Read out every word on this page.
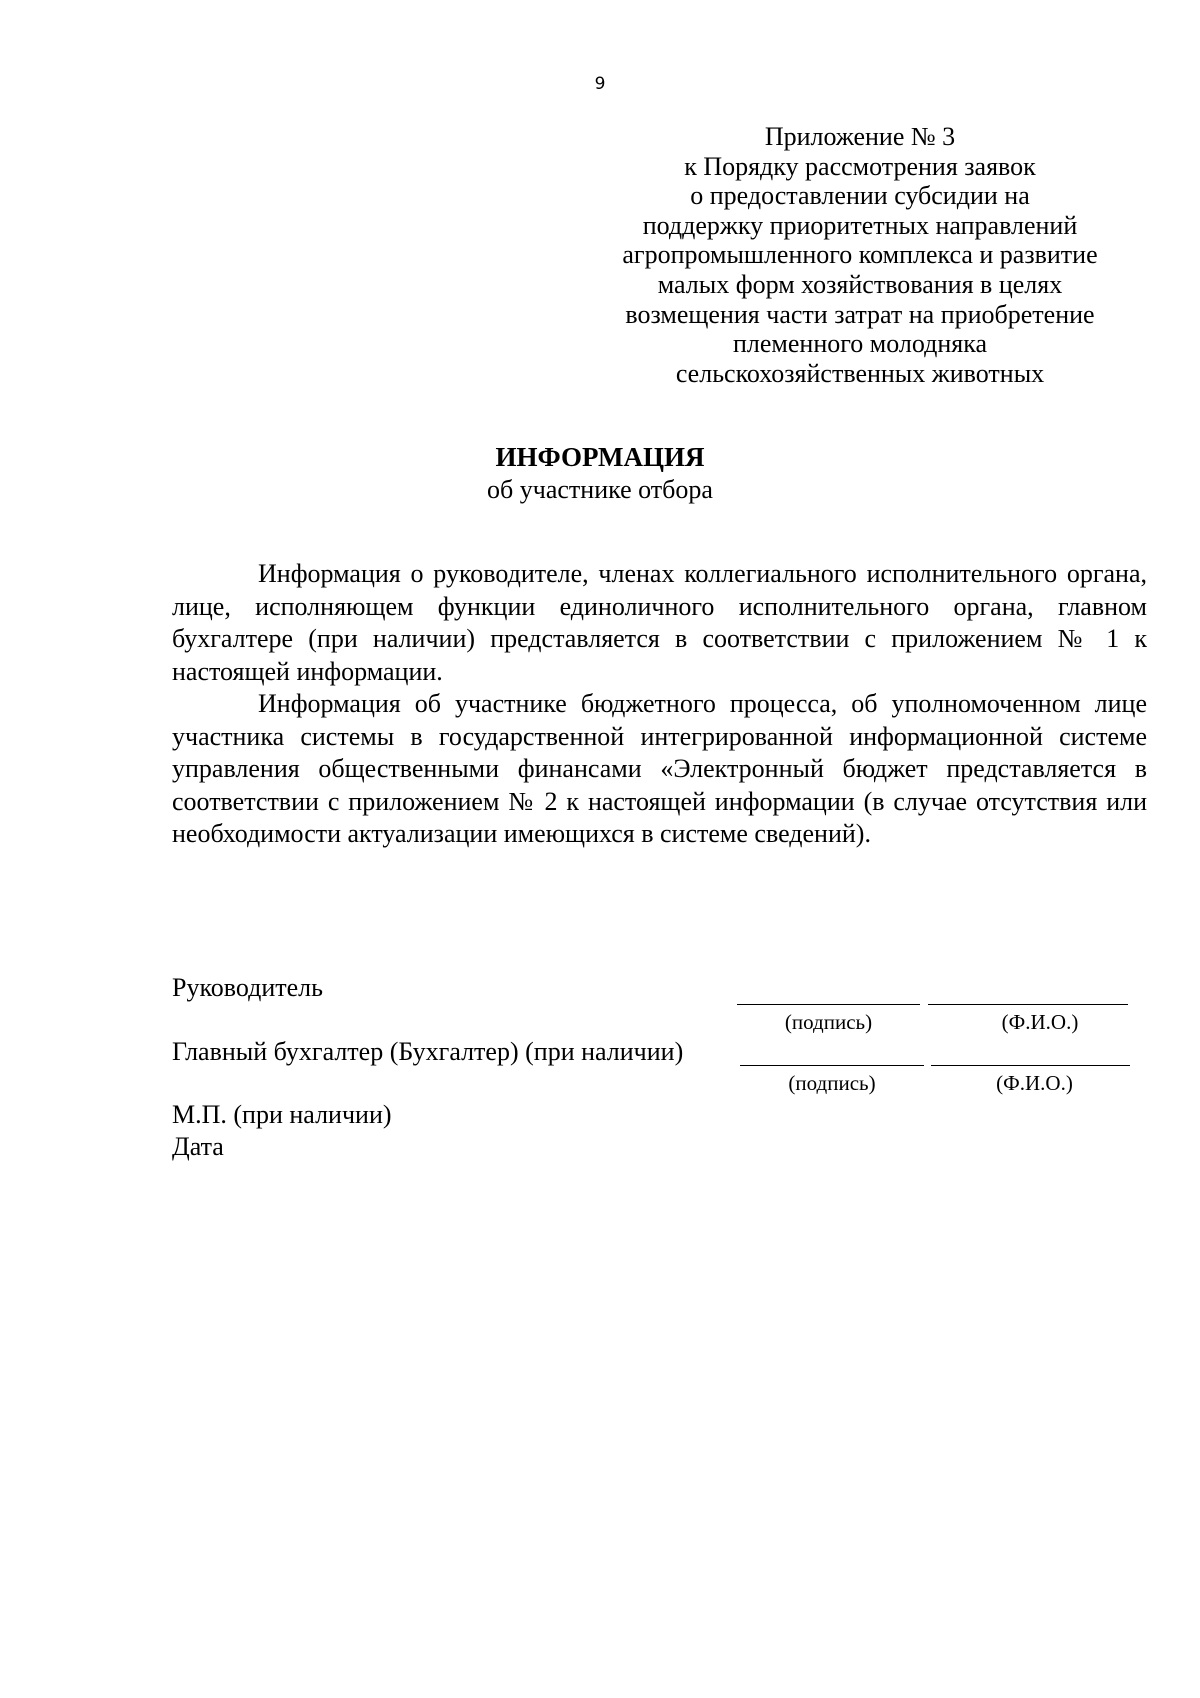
9
Приложение № 3
к Порядку рассмотрения заявок
о предоставлении субсидии на
поддержку приоритетных направлений
агропромышленного комплекса и развитие
малых форм хозяйствования в целях
возмещения части затрат на приобретение
племенного молодняка
сельскохозяйственных животных
ИНФОРМАЦИЯ
об участнике отбора

Информация о руководителе, членах коллегиального исполнительного органа, лице, исполняющем функции единоличного исполнительного органа, главном бухгалтере (при наличии) представляется в соответствии с приложением № 1 к настоящей информации.

Информация об участнике бюджетного процесса, об уполномоченном лице участника системы в государственной интегрированной информационной системе управления общественными финансами «Электронный бюджет представляется в соответствии с приложением № 2 к настоящей информации (в случае отсутствия или необходимости актуализации имеющихся в системе сведений).

Руководитель
(подпись)	(Ф.И.О.)
Главный бухгалтер (Бухгалтер) (при наличии)
(подпись)	(Ф.И.О.)
М.П. (при наличии)
Дата
